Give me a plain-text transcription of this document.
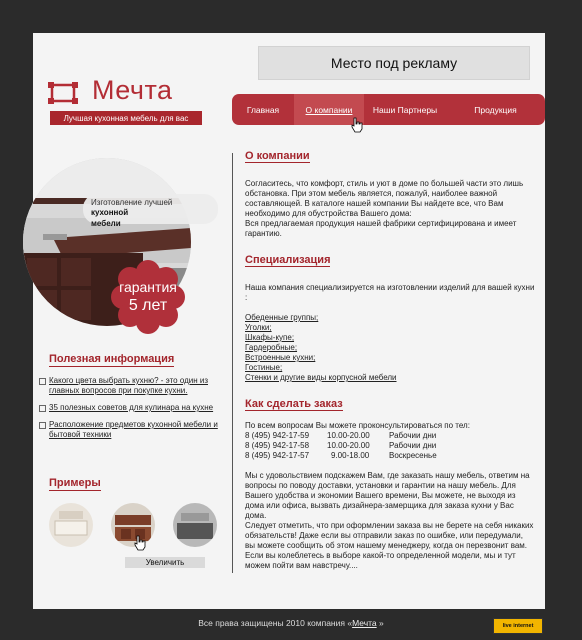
Место под рекламу
Мечта
Лучшая кухонная мебель для вас
Главная	О компании	Наши Партнеры	Продукция
Изготовление лучшей кухонной
мебели
гарантия
5 лет
Полезная информация
Какого цвета выбрать кухню? - это один из главных вопросов при покупке кухни.
35 полезных советов для кулинара на кухне
Расположение предметов кухонной мебели и бытовой техники
Примеры
Увеличить
О компании

Согласитесь, что комфорт, стиль и уют в доме по большей части это лишь обстановка. При этом мебель является, пожалуй, наиболее важной составляющей. В каталоге нашей компании Вы найдете все, что Вам необходимо для обустройства Вашего дома:

Вся предлагаемая продукция нашей фабрики сертифицирована и имеет гарантию.

Специализация

Наша компания специализируется на изготовлении изделий для вашей кухни :

Обеденные группы;
Уголки;
Шкафы-купе;
Гардеробные;
Встроенные кухни;
Гостиные;
Стенки и другие виды корпусной мебели
Как сделать заказ

По всем вопросам Вы можете проконсультироваться по тел:

8 (495) 942-17-59	10.00-20.00	Рабочии дни
8 (495) 942-17-58	10.00-20.00	Рабочии дни
8 (495) 942-17-57	9.00-18.00	Воскресенье

Мы с удовольствием подскажем Вам, где заказать нашу мебель, ответим на вопросы по поводу доставки, установки и гарантии на нашу мебель. Для Вашего удобства и экономии Вашего времени, Вы можете, не выходя из дома или офиса, вызвать дизайнера-замерщика для заказа кухни у Вас дома.

Следует отметить, что при оформлении заказа вы не берете на себя никаких обязательств! Даже если вы отправили заказ по ошибке, или передумали, вы можете сообщить об этом нашему менеджеру, когда он перезвонит вам. Если вы колеблетесь в выборе какой-то определенной модели, мы и тут можем пойти вам навстречу....

Все права защищены 2010 компания «Мечта »	live internet
